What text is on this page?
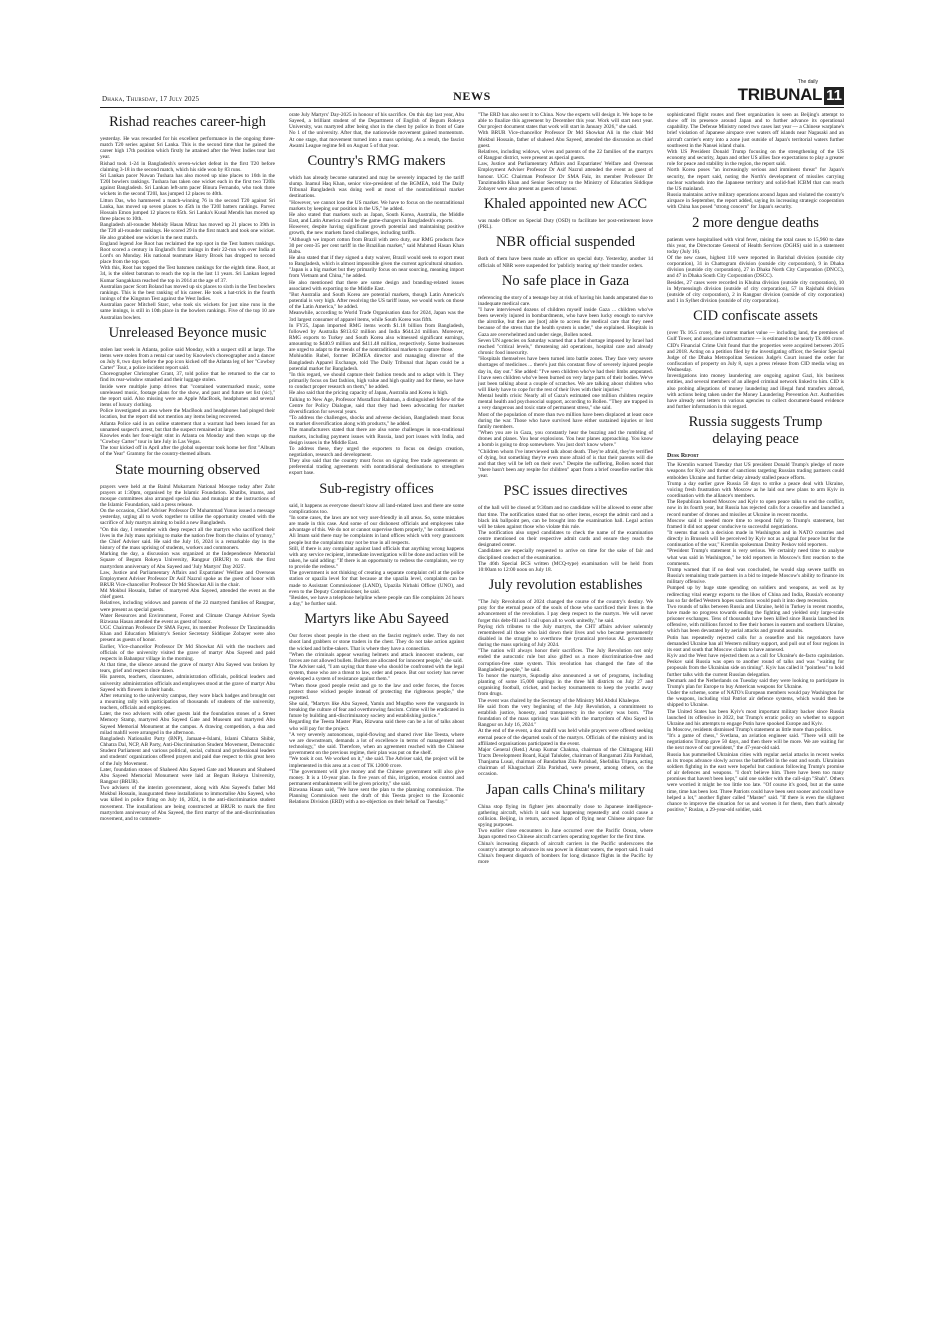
Dhaka, Thursday, 17 July 2025	NEWS
The daily
TRIBUNAL 11
Rishad reaches career-high

yesterday. He was rewarded for his excellent performance in the ongoing three-match T20 series against Sri Lanka. This is the second time that he gained the career high 17th position which firstly he attained after the West Indies tour last year.

Rishad took 1-24 in Bangladesh's seven-wicket defeat in the first T20 before claiming 3-18 in the second match, which his side won by 83 runs.

Sri Lankan pacer Nuwan Tushara has also moved up nine places to 16th in the T20I bowlers rankings. Tushara has taken one wicket each in the first two T20Is against Bangladesh. Sri Lankan left-arm pacer Binura Fernando, who took three wickets in the second T20I, has jumped 12 places to 40th.

Litton Das, who hammered a match-winning 76 in the second T20 against Sri Lanka, has moved up seven places to 45th in the T20I batters rankings. Parvez Hossain Emon jumped 12 places to 85th. Sri Lanka's Kusal Mendis has moved up three places to 10th.

Bangladesh all-rounder Mehidy Hasan Miraz has moved up 21 places to 39th in the T20 all-rounder rankings. He scored 29 in the first match and took one wicket. He also grabbed one wicket in the next match.

England legend Joe Root has reclaimed the top spot in the Test batters rankings. Root scored a century in England's first innings in their 22-run win over India at Lord's on Monday. His national teammate Harry Brook has dropped to second place from the top spot.

With this, Root has topped the Test batsmen rankings for the eighth time. Root, at 34, is the oldest batsman to reach the top in the last 11 years. Sri Lankan legend Kumar Sangakkara reached the top in 2014 at the age of 37.

Australian pacer Scott Boland has moved up six places to sixth in the Test bowlers rankings. This is the best ranking of his career. He took a hat-trick in the fourth innings of the Kingston Test against the West Indies.

Australian pacer Mitchell Starc, who took six wickets for just nine runs in the same innings, is still in 10th place in the bowlers rankings. Five of the top 10 are Australian bowlers.

Unreleased Beyonce music

stolen last week in Atlanta, police said Monday, with a suspect still at large. The items were stolen from a rental car used by Knowles's choreographer and a dancer on July 8, two days before the pop icon kicked off the Atlanta leg of her "Cowboy Carter" Tour, a police incident report said.

Choreographer Christopher Grant, 37, told police that he returned to the car to find its rear-window smashed and their luggage stolen.

Inside were multiple jump drives that "contained watermarked music, some unreleased music, footage plans for the show, and past and future set list (sic)," the report said. Also missing were an Apple MacBook, headphones and several items of luxury clothing.

Police investigated an area where the MacBook and headphones had pinged their location, but the report did not mention any items being recovered.

Atlanta Police said in an online statement that a warrant had been issued for an unnamed suspect's arrest, but that the suspect remained at large.

Knowles ends her four-night stint in Atlanta on Monday and then wraps up the "Cowboy Carter" tour in late July in Las Vegas.

The tour kicked off in April after the global superstar took home her first "Album of the Year" Grammy for the country-themed album.

State mourning observed

prayers were held at the Baitul Mukarram National Mosque today after Zuhr prayers at 1:30pm, organised by the Islamic Foundation. Khatibs, imams, and mosque committees also arranged special dua and munajat at the instructions of the Islamic Foundation, said a press release.

On the occasion, Chief Adviser Professor Dr Muhammad Yunus issued a message yesterday, urging all to work together to utilise the opportunity created with the sacrifice of July martyrs aiming to build a new Bangladesh.

"On this day, I remember with deep respect all the martyrs who sacrificed their lives in the July mass uprising to make the nation free from the chains of tyranny," the Chief Adviser said. He said the July 16, 2024 is a remarkable day in the history of the mass uprising of students, workers and commoners.

Marking the day, a discussion was organized at the Independence Memorial Square of Begum Rokeya University, Rangpur (BRUR) to mark the first martyrdom anniversary of Abu Sayeed and 'July Martyrs' Day 2025'.

Law, Justice and Parliamentary Affairs and Expatriates' Welfare and Overseas Employment Adviser Professor Dr Asif Nazrul spoke as the guest of honor with BRUR Vice-chancellor Professor Dr Md Showkat Ali in the chair.

Md Mokbul Hossain, father of martyred Abu Sayeed, attended the event as the chief guest.

Relatives, including widows and parents of the 22 martyred families of Rangpur, were present as special guests.

Water Resources and Environment, Forest and Climate Change Adviser Syeda Rizwana Hasan attended the event as guest of honor.

UGC Chairman Professor Dr SMA Fayez, its member Professor Dr Tanzimuddin Khan and Education Ministry's Senior Secretary Siddique Zobayer were also present as guests of honor.

Earlier, Vice-chancellor Professor Dr Md Showkat Ali with the teachers and officials of the university visited the grave of martyr Abu Sayeed and paid respects in Babanpur village in the morning.

At that time, the silence around the grave of martyr Abu Sayeed was broken by tears, grief and respect since dawn.

His parents, teachers, classmates, administration officials, political leaders and university administration officials and employees stood at the grave of martyr Abu Sayeed with flowers in their hands.

After returning to the university campus, they wore black badges and brought out a mourning rally with participation of thousands of students of the university, teachers, officials and employees.

Later, the two advisers with other guests laid the foundation stones of a Street Memory Stamp, martyred Abu Sayeed Gate and Museum and martyred Abu Sayeed Memorial Monument at the campus. A drawing competition, a dua and milad mahfil were arranged in the afternoon.

Bangladesh Nationalist Party (BNP), Jamaat-e-Islami, Islami Chhatra Shibir, Chhatra Dal, NCP, AB Party, Anti-Discrimination Student Movement, Democratic Student Parliament and various political, social, cultural and professional leaders and students' organizations offered prayers and paid due respect to this great hero of the July Movement.

Later, foundation stones of Shaheed Abu Sayeed Gate and Museum and Shaheed Abu Sayeed Memorial Monument were laid at Begum Rokeya University, Rangpur (BRUR).

Two advisers of the interim government, along with Abu Sayeed's father Md Mokbul Hossain, inaugurated these installations to immortalise Abu Sayeed, who was killed in police firing on July 16, 2024, in the anti-discrimination student movement. The installations are being constructed at BRUR to mark the first martyrdom anniversary of Abu Sayeed, the first martyr of the anti-discrimination movement, and to commem-

orate July Martyrs' Day-2025 in honour of his sacrifice. On this day last year, Abu Sayeed, a brilliant student of the Department of English of Begum Rokeya University, was martyred after being shot in the chest by police in front of Gate No 1 of the university. After that, the nationwide movement gained momentum. At one stage, that movement turned into a mass uprising. As a result, the fascist Awami League regime fell on August 5 of that year.

Country's RMG makers

which has already become saturated and may be severely impacted by the tariff slump. Inamul Haq Khan, senior vice-president of the BGMEA, told The Daily Tribunal Bangladesh was doing well at most of the nontraditional market destinations.

"However, we cannot lose the US market. We have to focus on the nontraditional markets by keeping our position in the US," he added.

He also stated that markets such as Japan, South Korea, Australia, the Middle East, and Latin America could be the game-changers in Bangladesh's exports.

However, despite having significant growth potential and maintaining positive growth, the new markets faced challenges, including tariffs.

"Although we import cotton from Brazil with zero duty, our RMG products face 30 per cent-35 per cent tariff in the Brazilian market," said Mahmud Hasan Khan Babu.

He also stated that if they signed a duty waiver, Brazil would seek to export meat to Bangladesh, which is almost impossible given the current agricultural situation.

"Japan is a big market but they primarily focus on near sourcing, meaning import from Vietnam and China," he added.

He also mentioned that there are some design and branding-related issues associated with exporting to the Middle East.

"But Australia and South Korea are potential markets, though Latin America's potential is very high. After resolving the US tariff issue, we would work on those of the Latin America," he added.

Meanwhile, according to World Trade Organisation data for 2024, Japan was the 3rd largest consumer of apparel items, while South Korea was fifth.

In FY25, Japan imported RMG items worth $1.18 billion from Bangladesh, followed by Australia $813.62 million and India $644.24 million. Moreover, RMG exports to Turkey and South Korea also witnessed significant earnings, amounting to $440.9 million and $411.48 million, respectively. Some businesses are urged to adapt to the trends of the nontraditional markets to capture those.

Mohiuddin Rubel, former BGMEA director and managing director of the Bangladesh Apparel Exchange, told The Daily Tribunal that Japan could be a potential market for Bangladesh.

"In this regard, we should capture their fashion trends and to adapt with it. They primarily focus on fast fashion, high value and high quality and for these, we have to conduct proper research on them," he added.

He also said that the pricing capacity of Japan, Australia and Korea is high.

Talking to New Age, Professor Mustafizur Rahman, a distinguished fellow of the Centre for Policy Dialogue, said that they had been advocating for market diversification for several years.

"To address the challenges, shocks and adverse decision, Bangladesh must focus on market diversification along with products," he added.

The manufacturers stated that there are also some challenges in non-traditional markets, including payment issues with Russia, land port issues with India, and design issues in the Middle East.

To address these, they urged the exporters to focus on design creation, negotiation, research and development.

They also said that the country must focus on signing free trade agreements or preferential trading agreements with nontraditional destinations to strengthen export base.

Sub-registry offices

said, it happens as everyone doesn't know all land-related laws and there are some complications too.

"In some cases, the laws are not very user-friendly in all areas. So, some mistakes are made in this case. And some of our dishonest officials and employees take advantage of this. We do not or cannot supervise them properly," he continued.

Ali Imam said there may be complaints in land offices which with very grassroots people but the complaints may not be true in all respects.

Still, if there is any complaint against land officials that anything wrong happens with any service recipient, immediate investigation will be done and action will be taken, he said adding: "If there is an opportunity to redress the complaints, we try to provide the redress."

The government is not thinking of creating a separate complaint cell at the police station or upazila level for that because at the upazila level, complaints can be made to Assistant Commissioner (LAND), Upazila Nirbahi Officer (UNO), and even to the Deputy Commissioner, he said.

"Besides, we have a telephone helpline where people can file complaints 24 hours a day," he further said.

Martyrs like Abu Sayeed

Our forces shoot people in the chest on the fascist regime's order. They do not shoot land grabbers or stone traders in the chest. They do not take action against the wicked and bribe-takers. That is where they have a connection.

"When the criminals appear wearing helmets and attack innocent students, our forces are not allowed bullets. Bullets are allocated for innocent people," she said.

The Adviser said, "I am saying that those who should be confronted with the legal system, those who are a threat to law, order and peace. But our society has never developed a system of resistance against them."

"When those good people resist and go to the law and order forces, the forces protect those wicked people instead of protecting the righteous people," she regretted.

She said, "Martyrs like Abu Sayeed, Yamin and Mugdho were the vanguards in breaking the culture of fear and overthrowing fascism. Crime will be eradicated in future by building anti-discriminatory society and establishing justice."

Regarding the Teesta Master Plan, Rizwana said there can be a lot of talks about who will pay for the project.

"A very severely autonomous, rapid-flowing and shared river like Teesta, where we are downstream, demands a lot of excellence in terms of management and technology," she said. Therefore, when an agreement reached with the Chinese government on the previous regime, their plan was put on the shelf.

"We took it out. We worked on it," she said. The Adviser said, the project will be implemented in this area at a cost of TK 12000 crore.

"The government will give money and the Chinese government will also give money. It is a 10-year plan. In five years of this, irrigation, erosion control and permanent embankments will be given priority," she said.

Rizwana Hasan said, "We have sent the plan to the planning commission. The Planning Commission sent the draft of this Teesta project to the Economic Relations Division (ERD) with a no-objection on their behalf on Tuesday."

"The ERD has also sent it to China. Now the experts will design it. We hope to be able to finalize this agreement by December this year. Work will start next year. Our project document states that work will start in January 2026," she said.

With BRUR Vice-chancellor Professor Dr Md Showkat Ali in the chair Md Mokbul Hossain, father of shaheed Abu Sayeed, attended the discussion as chief guest.

Relatives, including widows, wives and parents of the 22 families of the martyrs of Rangpur district, were present as special guests.

Law, Justice and Parliamentary Affairs and Expatriates' Welfare and Overseas Employment Adviser Professor Dr Asif Nazrul attended the event as guest of honour. UGC Chairman Professor Dr SMA Faiz, its member Professor Dr Tanzimuddin Khan and Senior Secretary to the Ministry of Education Siddique Zobayer were also present as guests of honour.

Khaled appointed new ACC

was made Officer on Special Duty (OSD) to facilitate her post-retirement leave (PRL).

NBR official suspended

Both of them have been made an officer on special duty. Yesterday, another 14 officials of NBR were suspended for 'publicly tearing up' their transfer orders.

No safe place in Gaza

referencing the story of a teenage boy at risk of having his hands amputated due to inadequate medical care.

"I have interviewed dozens of children myself inside Gaza ... children who've been severely injured in bombardments, who have been lucky enough to survive the airstrike, but then are [not] able to access the medical care that they need because of the stress that the health system is under," she explained. Hospitals in Gaza are overwhelmed and under siege, Bollen noted.

Seven UN agencies on Saturday warned that a fuel shortage imposed by Israel had reached "critical levels," threatening aid operations, hospital care and already chronic food insecurity.

"Hospitals themselves have been turned into battle zones. They face very severe shortages of medicines ... there's just this constant flow of severely injured people day in, day out." She added: "I've seen children who've had their limbs amputated. I have seen children who've been burned on very large parts of their bodies. We've just been talking about a couple of scratches. We are talking about children who will likely have to cope for the rest of their lives with their injuries."

Mental health crisis: Nearly all of Gaza's estimated one million children require mental health and psychosocial support, according to Bollen. "They are trapped in a very dangerous and toxic state of permanent stress," she said.

Most of the population of more than two million have been displaced at least once during the war. Those who have survived have either sustained injuries or lost family members.

"When you are in Gaza, you constantly hear the buzzing and the rumbling of drones and planes. You hear explosions. You hear planes approaching. You know a bomb is going to drop somewhere. You just don't know where."

"Children whom I've interviewed talk about death. They're afraid, they're terrified of dying, but something they're even more afraid of is that their parents will die and that they will be left on their own." Despite the suffering, Bollen noted that "there hasn't been any respite for children" apart from a brief ceasefire earlier this year.

PSC issues directives

of the hall will be closed at 9:30am and no candidate will be allowed to enter after that time. The notification stated that no other items, except the admit card and a black ink ballpoint pen, can be brought into the examination hall. Legal action will be taken against those who violate this rule.

The notification also urged candidates to check the name of the examination centre mentioned on their respective admit cards and ensure they reach the designated center.

Candidates are especially requested to arrive on time for the sake of fair and disciplined conduct of the examination.

The 46th Special BCS written (MCQ-type) examination will be held from 10:00am to 12:00 noon on July 18.

July revolution establishes

"The July Revolution of 2024 changed the course of the country's destiny. We pray for the eternal peace of the souls of those who sacrificed their lives in the advancement of the revolution. I pay deep respect to the martyrs. We will never forget this debt-fill and I call upon all to work unitedly," he said.

Paying rich tributes to the July martyrs, the CHT affairs adviser solemnly remembered all those who laid down their lives and who became permanently disabled in the struggle to overthrow the tyrannical previous AL government during the mass uprising of July 2024.

"The nation will always honor their sacrifices. The July Revolution not only ended the autocratic rule but also gifted us a more discrimination-free and corruption-free state system. This revolution has changed the fate of the Bangladeshi people," he said.

To honor the martyrs, Supradip also announced a set of programs, including planting of some 15,000 saplings in the three hill districts on July 27 and organising football, cricket, and hockey tournaments to keep the youths away from drugs.

The event was chaired by the Secretary of the Ministry Md Abdul Khaleque.

He said from the very beginning of the July Revolution, a commitment to establish justice, honesty, and transparency in the society was born. "The foundation of the mass uprising was laid with the martyrdom of Abu Sayed in Rangpur on July 16, 2024."

At the end of the event, a doa mahfil was held while prayers were offered seeking eternal peace of the departed souls of the martyrs. Officials of the ministry and its affiliated organisations participated in the event.

Major General (Retd.) Anup Kumar Chakma, chairman of the Chittagong Hill Tracts Development Board, Kajal Talukder, chairman of Rangamati Zila Parishad, Thanjama Lusai, chairman of Bandarban Zila Parishad, Shefalika Tripura, acting chairman of Khagrachari Zila Parishad, were present, among others, on the occasion.

Japan calls China's military

China stop flying its fighter jets abnormally close to Japanese intelligence-gathering aircraft, which it said was happening repeatedly and could cause a collision. Beijing, in return, accused Japan of flying near Chinese airspace for spying purposes.

Two earlier close encounters in June occurred over the Pacific Ocean, where Japan spotted two Chinese aircraft carriers operating together for the first time.

China's increasing dispatch of aircraft carriers in the Pacific underscores the country's attempt to advance its sea power in distant waters, the report said. It said China's frequent dispatch of bombers for long distance flights in the Pacific by more

sophisticated flight routes and fleet organization is seen as Beijing's attempt to show off its presence around Japan and to further advance its operational capability. The Defense Ministry noted two cases last year — a Chinese warplane's brief violation of Japanese airspace over waters off islands near Nagasaki and an aircraft carrier's entry into a zone just outside of Japan's territorial waters further southwest in the Nansei island chain.

With US President Donald Trump focusing on the strengthening of the US economy and security, Japan and other US allies face expectations to play a greater role for peace and stability in the region, the report said.

North Korea poses "an increasingly serious and imminent threat" for Japan's security, the report said, noting the North's development of missiles carrying nuclear warheads into the Japanese territory and solid-fuel ICBM that can reach the US mainland.

Russia maintains active military operations around Japan and violated the country's airspace in September, the report added, saying its increasing strategic cooperation with China has posed "strong concern" for Japan's security.

2 more dengue deaths

patients were hospitalised with viral fever, raising the total cases to 15,960 to date this year, the Directorate General of Health Services (DGHS) said in a statement today (July 16).

Of the new cases, highest 110 were reported in Barishal division (outside city corporation), 31 in Chattogram division (outside city corporation), 9 in Dhaka division (outside city corporation), 27 in Dhaka North City Corporation (DNCC), and 47 in Dhaka South City Corporation (DSCC).

Besides, 27 cases were recorded in Khulna division (outside city corporation), 10 in Mymensingh division (outside of city corporation), 57 in Rajshahi division (outside of city corporation), 2 in Rangpur division (outside of city corporation) and 1 in Sylhet division (outside of city corporation).

CID confiscate assets

(over Tk 16.5 crore), the current market value — including land, the premises of Gulf Tower, and associated infrastructure — is estimated to be nearly Tk 400 crore.

CID's Financial Crime Unit found that the properties were acquired between 2015 and 2018. Acting on a petition filed by the investigating officer, the Senior Special Judge of the Dhaka Metropolitan Sessions Judge's Court issued the order for confiscation of property on July 8, says a press release from CID media wing on Wednesday.

Investigations into money laundering are ongoing against Gazi, his business entities, and several members of an alleged criminal network linked to him. CID is also probing allegations of money laundering and illegal fund transfers abroad, with actions being taken under the Money Laundering Prevention Act. Authorities have already sent letters to various agencies to collect document-based evidence and further information in this regard.

Russia suggests Trump delaying peace
Desk Report

The Kremlin warned Tuesday that US president Donald Trump's pledge of more weapons for Kyiv and threat of sanctions targeting Russian trading partners could embolden Ukraine and further delay already stalled peace efforts.

Trump a day earlier gave Russia 50 days to strike a peace deal with Ukraine, voicing fresh frustration with Moscow as he laid out new plans to arm Kyiv in coordination with the alliance's members.

The Republican hosted Moscow and Kyiv to open peace talks to end the conflict, now in its fourth year, but Russia has rejected calls for a ceasefire and launched a record number of drones and missiles at Ukraine in recent months.

Moscow said it needed more time to respond fully to Trump's statement, but framed it did not appear conducive to successful negotiations.

"It seems that such a decision made in Washington and in NATO countries and directly in Brussels will be perceived by Kyiv not as a signal for peace but for the continuation of the war," Kremlin spokesman Dmitry Peskov told reporters.

"President Trump's statement is very serious. We certainly need time to analyse what was said in Washington," he told reporters in Moscow's first reaction to the comments.

Trump warned that if no deal was concluded, he would slap severe tariffs on Russia's remaining trade partners in a bid to impede Moscow's ability to finance its military offensive.

Pumped up by huge state spending on soldiers and weapons, as well as by redirecting vital energy exports to the likes of China and India, Russia's economy has so far defied Western hopes sanctions would push it into deep recession.

Two rounds of talks between Russia and Ukraine, held in Turkey in recent months, have made no progress towards ending the fighting and yielded only large-scale prisoner exchanges. Tens of thousands have been killed since Russia launched its offensive, with millions forced to flee their homes in eastern and southern Ukraine, which has been devastated by aerial attacks and ground assaults.

Putin has repeatedly rejected calls for a ceasefire and his negotiators have demanded Ukraine ban all Western military support, and pull out of four regions in its east and south that Moscow claims to have annexed.

Kyiv and the West have rejected them as a call for Ukraine's de-facto capitulation. Peskov said Russia was open to another round of talks and was "waiting for proposals from the Ukrainian side on timing". Kyiv has called it "pointless" to hold further talks with the current Russian delegation.

Denmark and the Netherlands on Tuesday said they were looking to participate in Trump's plan for Europe to buy American weapons for Ukraine.

Under the scheme, some of NATO's European members would pay Washington for the weapons, including vital Patriot air defence systems, which would then be shipped to Ukraine.

The United States has been Kyiv's most important military backer since Russia launched its offensive in 2022, but Trump's erratic policy on whether to support Ukraine and his attempts to engage Putin have spooked Europe and Kyiv.

In Moscow, residents dismissed Trump's statement as little more than politics.

"It's a game of chess," Svetlana, an aviation engineer said. "There will still be negotiations Trump gave 50 days, and then there will be more. We are waiting for the next move of our president," the 47-year-old said.

Russia has pummelled Ukrainian cities with regular aerial attacks in recent weeks as its troops advance slowly across the battlefield in the east and south. Ukrainian soldiers fighting in the east were hopeful but cautious following Trump's promise of air defences and weapons. "I don't believe him. There have been too many promises that haven't been kept," said one soldier with the call-sign "Shah". Others were worried it might be too little too late. "Of course it's good, but at the same time, time has been lost. Three Patriots could have been sent sooner and could have helped a lot," another fighter called "Master" said. "If there is even the slightest chance to improve the situation for us and worsen it for them, then that's already positive," Ruslan, a 29-year-old soldier, said.
